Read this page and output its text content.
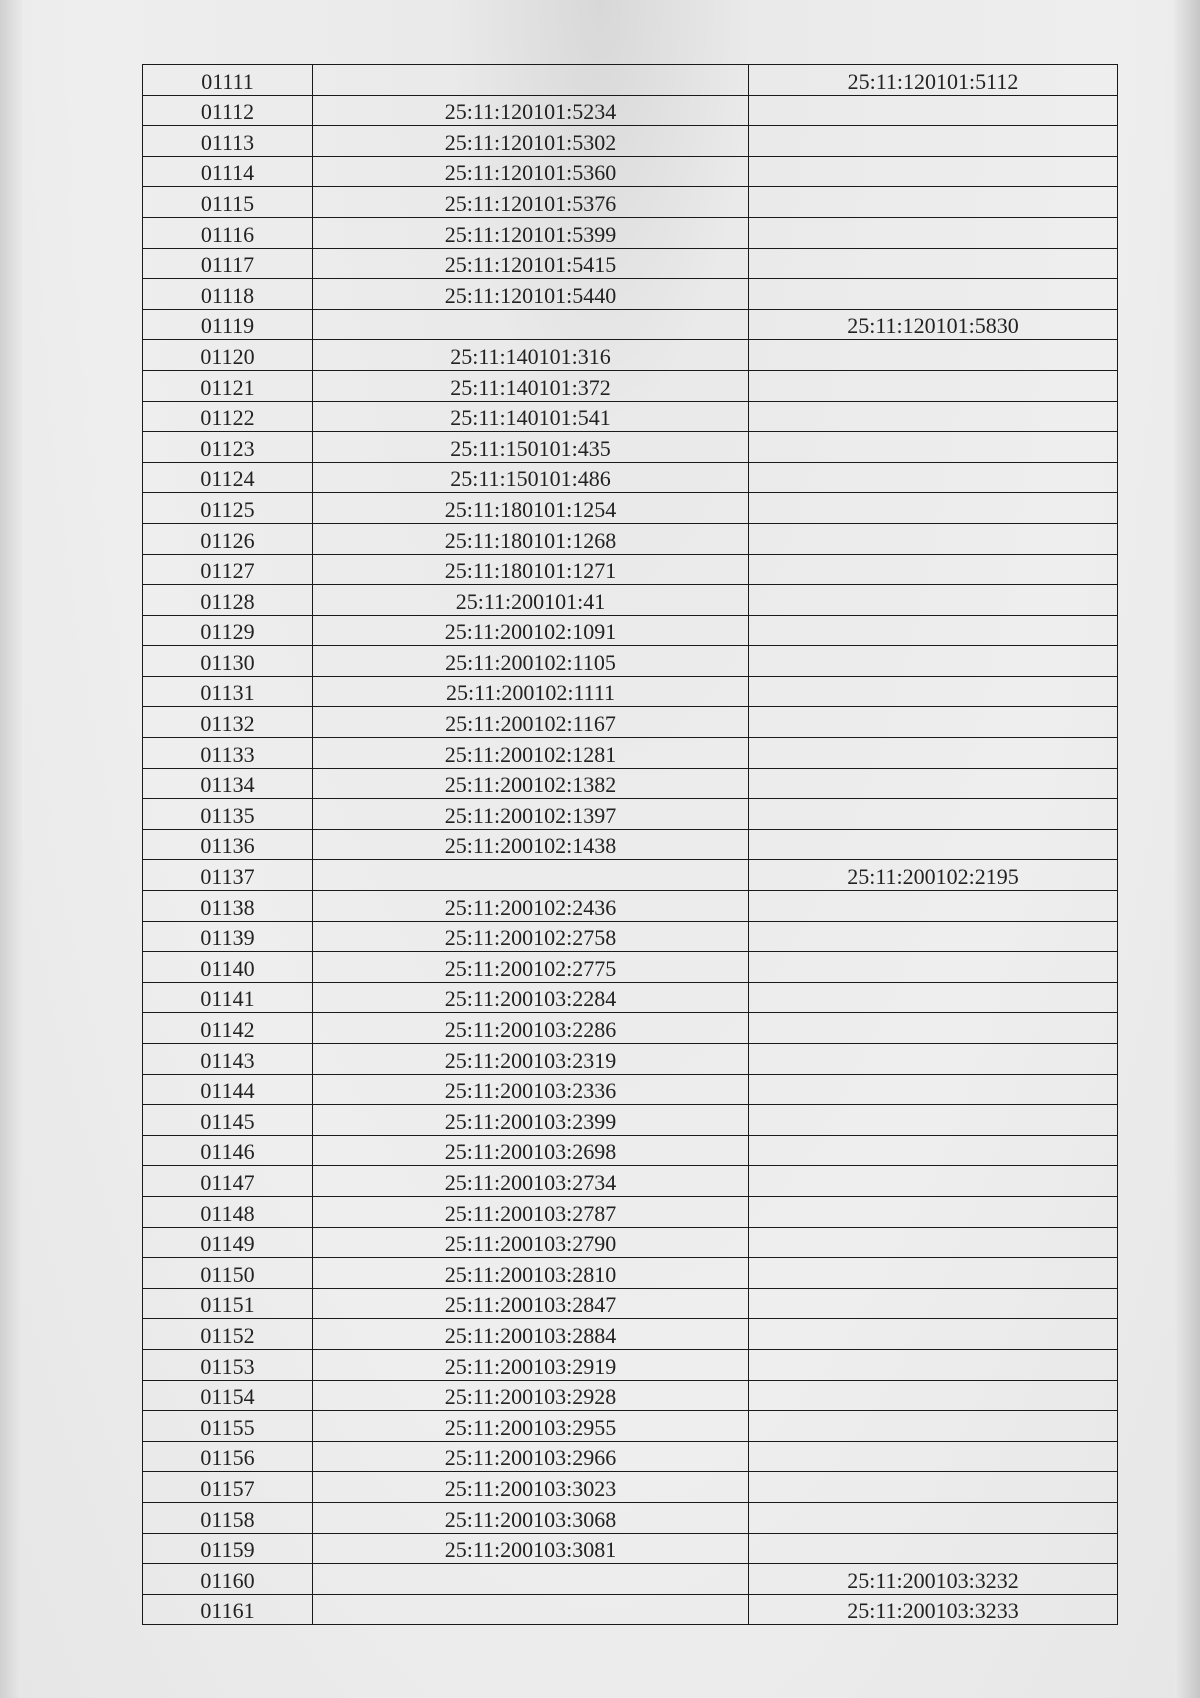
01111		25:11:120101:5112
01112	25:11:120101:5234	
01113	25:11:120101:5302	
01114	25:11:120101:5360	
01115	25:11:120101:5376	
01116	25:11:120101:5399	
01117	25:11:120101:5415	
01118	25:11:120101:5440	
01119		25:11:120101:5830
01120	25:11:140101:316	
01121	25:11:140101:372	
01122	25:11:140101:541	
01123	25:11:150101:435	
01124	25:11:150101:486	
01125	25:11:180101:1254	
01126	25:11:180101:1268	
01127	25:11:180101:1271	
01128	25:11:200101:41	
01129	25:11:200102:1091	
01130	25:11:200102:1105	
01131	25:11:200102:1111	
01132	25:11:200102:1167	
01133	25:11:200102:1281	
01134	25:11:200102:1382	
01135	25:11:200102:1397	
01136	25:11:200102:1438	
01137		25:11:200102:2195
01138	25:11:200102:2436	
01139	25:11:200102:2758	
01140	25:11:200102:2775	
01141	25:11:200103:2284	
01142	25:11:200103:2286	
01143	25:11:200103:2319	
01144	25:11:200103:2336	
01145	25:11:200103:2399	
01146	25:11:200103:2698	
01147	25:11:200103:2734	
01148	25:11:200103:2787	
01149	25:11:200103:2790	
01150	25:11:200103:2810	
01151	25:11:200103:2847	
01152	25:11:200103:2884	
01153	25:11:200103:2919	
01154	25:11:200103:2928	
01155	25:11:200103:2955	
01156	25:11:200103:2966	
01157	25:11:200103:3023	
01158	25:11:200103:3068	
01159	25:11:200103:3081	
01160		25:11:200103:3232
01161		25:11:200103:3233
